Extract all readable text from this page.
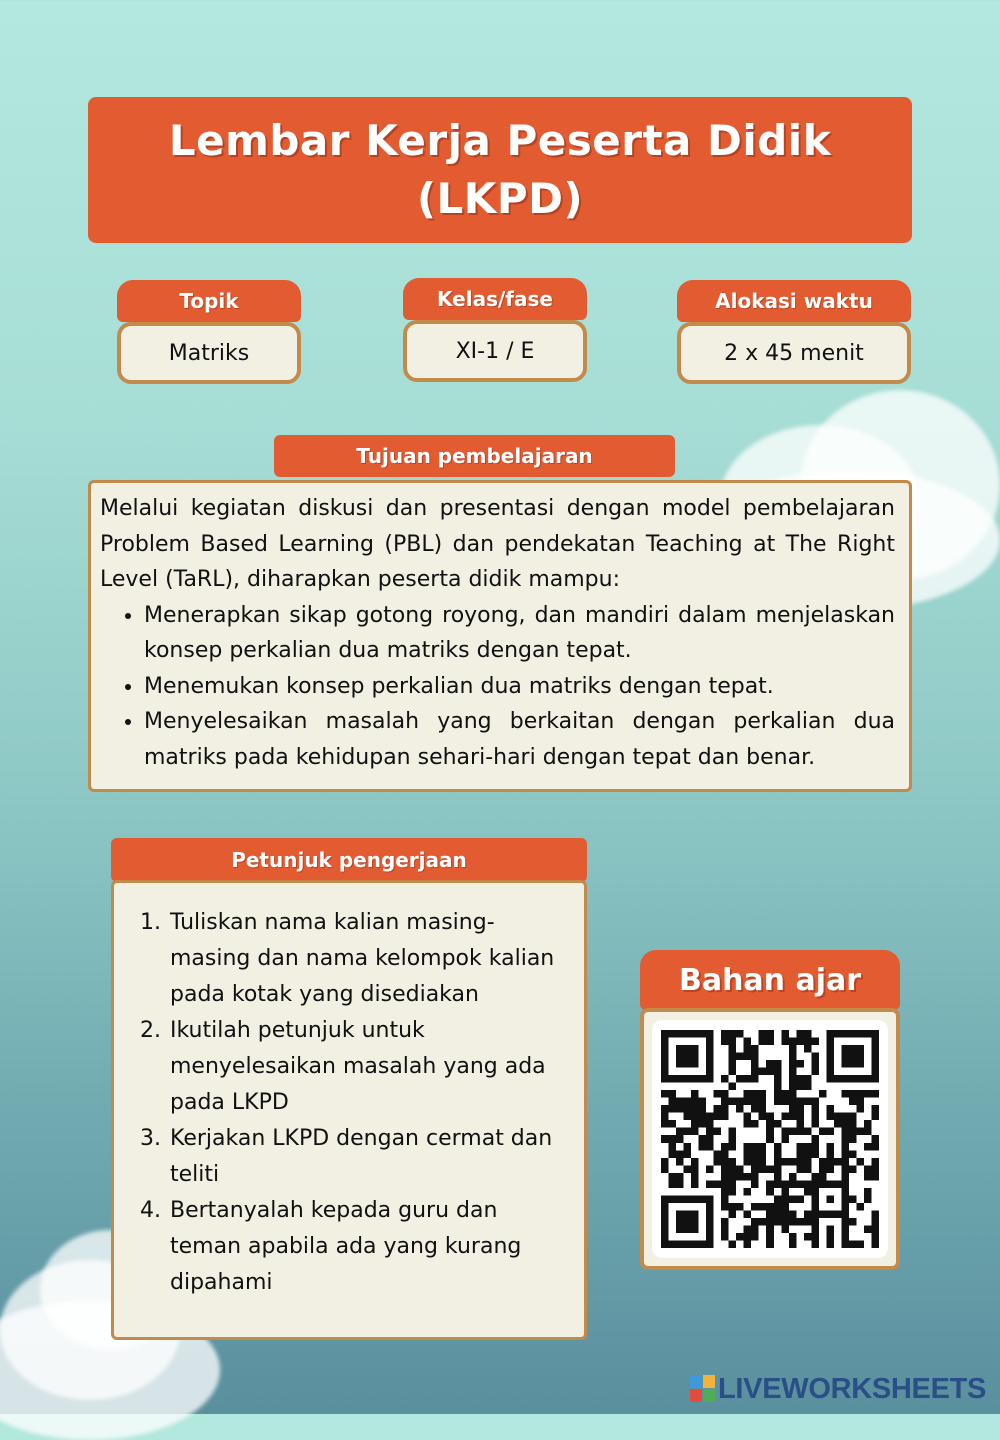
Lembar Kerja Peserta Didik
(LKPD)
Topik
Matriks
Kelas/fase
XI-1 / E
Alokasi waktu
2 x 45 menit
Tujuan pembelajaran

Melalui kegiatan diskusi dan presentasi dengan model pembelajaran Problem Based Learning (PBL) dan pendekatan Teaching at The Right Level (TaRL), diharapkan peserta didik mampu:

• Menerapkan sikap gotong royong, dan mandiri dalam menjelaskan konsep perkalian dua matriks dengan tepat.
• Menemukan konsep perkalian dua matriks dengan tepat.
• Menyelesaikan masalah yang berkaitan dengan perkalian dua matriks pada kehidupan sehari-hari dengan tepat dan benar.
Petunjuk pengerjaan
1. Tuliskan nama kalian masing-masing dan nama kelompok kalian pada kotak yang disediakan
2. Ikutilah petunjuk untuk menyelesaikan masalah yang ada pada LKPD
3. Kerjakan LKPD dengan cermat dan teliti
4. Bertanyalah kepada guru dan teman apabila ada yang kurang dipahami
Bahan ajar
LIVEWORKSHEETS
